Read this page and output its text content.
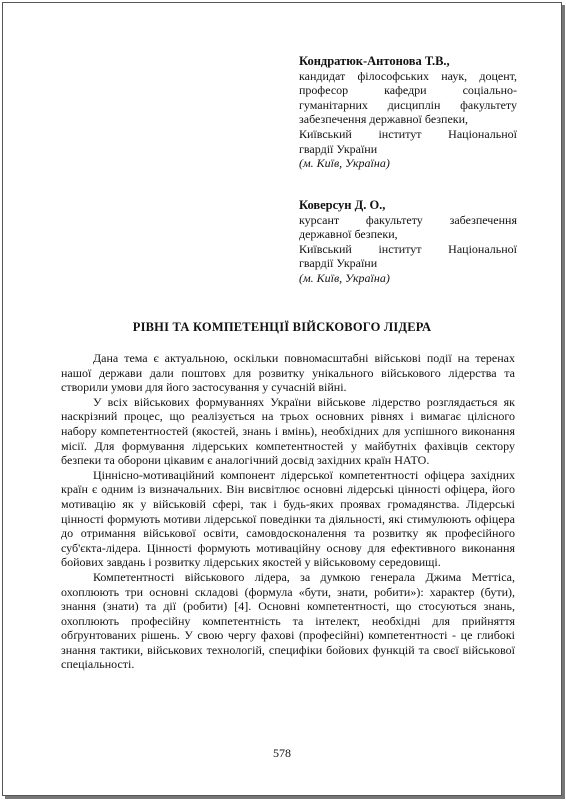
Кондратюк-Антонова Т.В.,
кандидат філософських наук, доцент,
професор кафедри соціально-
гуманітарних дисциплін факультету
забезпечення державної безпеки,
Київський інститут Національної
гвардії України
(м. Київ, Україна)
Коверсун Д. О.,
курсант факультету забезпечення
державної безпеки,
Київський інститут Національної
гвардії України
(м. Київ, Україна)
РІВНІ ТА КОМПЕТЕНЦІЇ ВІЙСКОВОГО ЛІДЕРА

Дана тема є актуальною, оскільки повномасштабні військові події на теренах нашої держави дали поштовх для розвитку унікального військового лідерства та створили умови для його застосування у сучасній війні.

У всіх військових формуваннях України військове лідерство розглядається як наскрізний процес, що реалізується на трьох основних рівнях і вимагає цілісного набору компетентностей (якостей, знань і вмінь), необхідних для успішного виконання місії. Для формування лідерських компетентностей у майбутніх фахівців сектору безпеки та оборони цікавим є аналогічний досвід західних країн НАТО.

Ціннісно-мотиваційний компонент лідерської компетентності офіцера західних країн є одним із визначальних. Він висвітлює основні лідерські цінності офіцера, його мотивацію як у військовій сфері, так і будь-яких проявах громадянства. Лідерські цінності формують мотиви лідерської поведінки та діяльності, які стимулюють офіцера до отримання військової освіти, самовдосконалення та розвитку як професійного суб'єкта-лідера. Цінності формують мотиваційну основу для ефективного виконання бойових завдань і розвитку лідерських якостей у військовому середовищі.

Компетентності військового лідера, за думкою генерала Джима Меттіса, охоплюють три основні складові (формула «бути, знати, робити»): характер (бути), знання (знати) та дії (робити) [4]. Основні компетентності, що стосуються знань, охоплюють професійну компетентність та інтелект, необхідні для прийняття обґрунтованих рішень. У свою чергу фахові (професійні) компетентності - це глибокі знання тактики, військових технологій, специфіки бойових функцій та своєї військової спеціальності.

578
